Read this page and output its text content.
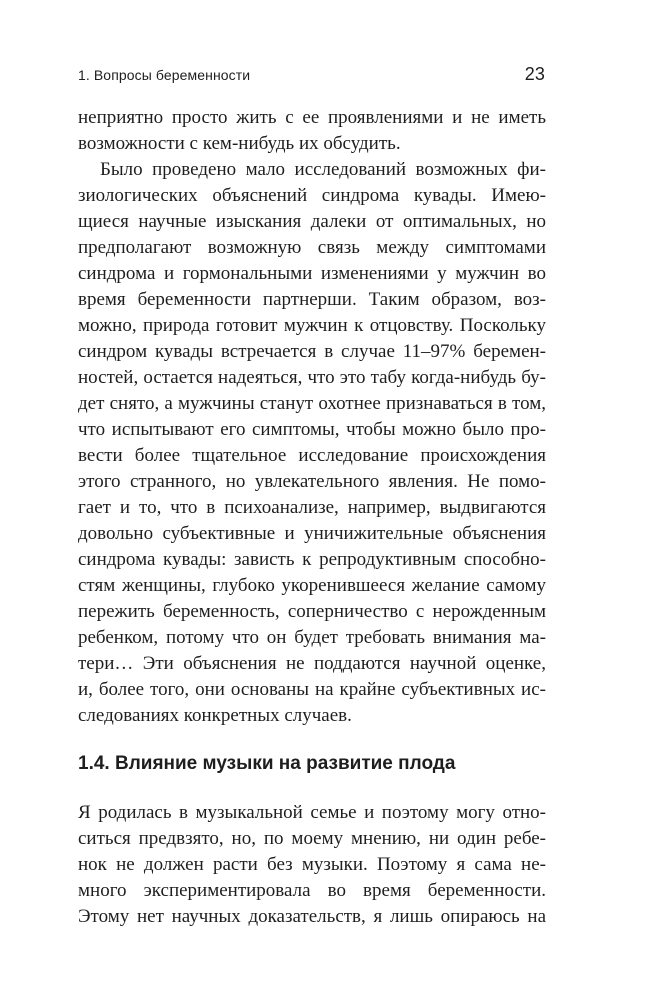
1. Вопросы беременности	23
неприятно просто жить с ее проявлениями и не иметь
возможности с кем-нибудь их обсудить.
Было проведено мало исследований возможных фи-
зиологических объяснений синдрома кувады. Имею-
щиеся научные изыскания далеки от оптимальных, но
предполагают возможную связь между симптомами
синдрома и гормональными изменениями у мужчин во
время беременности партнерши. Таким образом, воз-
можно, природа готовит мужчин к отцовству. Поскольку
синдром кувады встречается в случае 11–97% беремен-
ностей, остается надеяться, что это табу когда-нибудь бу-
дет снято, а мужчины станут охотнее признаваться в том,
что испытывают его симптомы, чтобы можно было про-
вести более тщательное исследование происхождения
этого странного, но увлекательного явления. Не помо-
гает и то, что в психоанализе, например, выдвигаются
довольно субъективные и уничижительные объяснения
синдрома кувады: зависть к репродуктивным способно-
стям женщины, глубоко укоренившееся желание самому
пережить беременность, соперничество с нерожденным
ребенком, потому что он будет требовать внимания ма-
тери… Эти объяснения не поддаются научной оценке,
и, более того, они основаны на крайне субъективных ис-
следованиях конкретных случаев.
1.4. Влияние музыки на развитие плода
Я родилась в музыкальной семье и поэтому могу отно-
ситься предвзято, но, по моему мнению, ни один ребе-
нок не должен расти без музыки. Поэтому я сама не-
много экспериментировала во время беременности.
Этому нет научных доказательств, я лишь опираюсь на
